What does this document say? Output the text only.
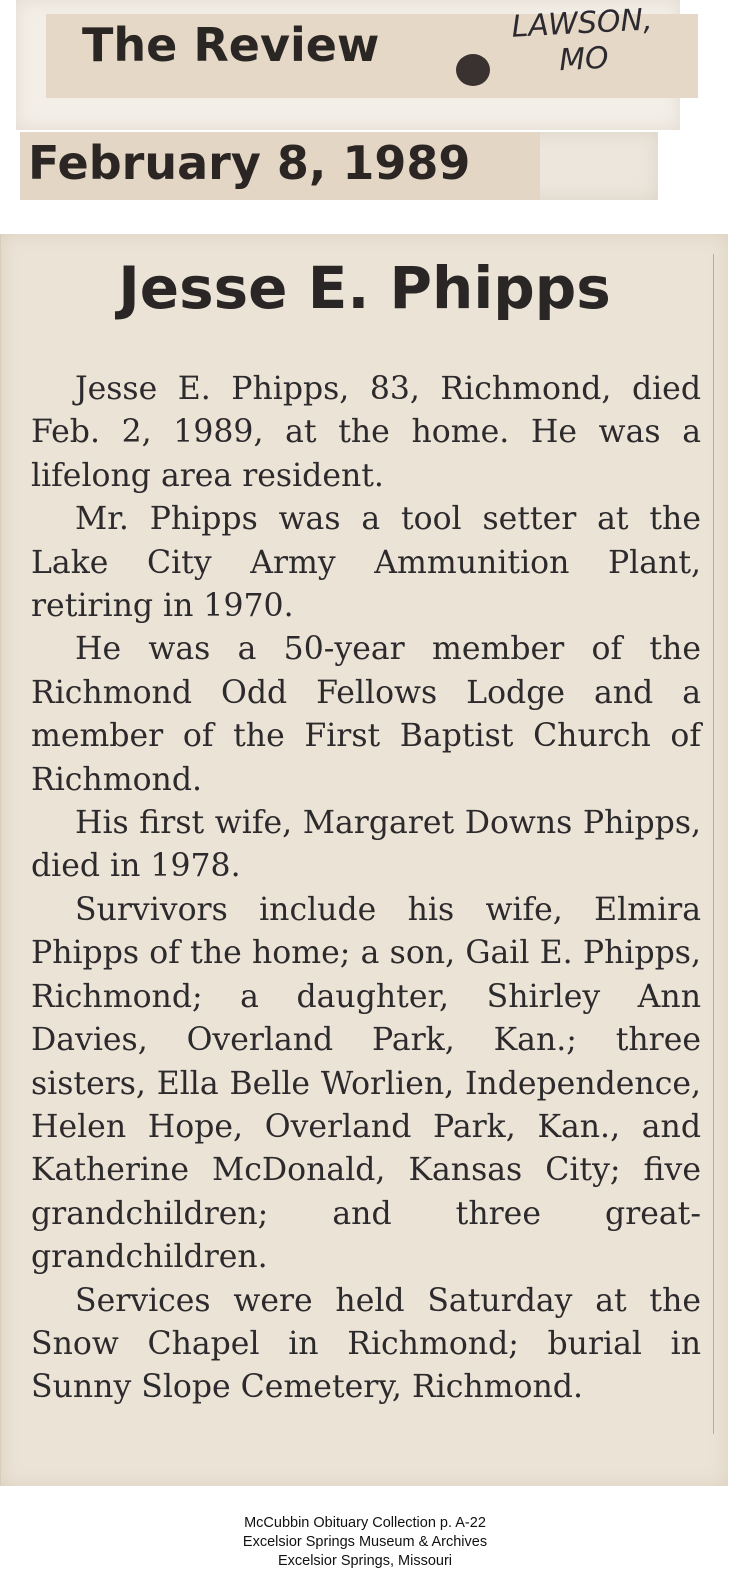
The Review	LAWSON,
MO
February 8, 1989
Jesse E. Phipps

Jesse E. Phipps, 83, Richmond, died Feb. 2, 1989, at the home. He was a lifelong area resident.

Mr. Phipps was a tool setter at the Lake City Army Ammunition Plant, retiring in 1970.

He was a 50-year member of the Richmond Odd Fellows Lodge and a member of the First Baptist Church of Richmond.

His first wife, Margaret Downs Phipps, died in 1978.

Survivors include his wife, Elmira Phipps of the home; a son, Gail E. Phipps, Richmond; a daughter, Shirley Ann Davies, Overland Park, Kan.; three sisters, Ella Belle Worlien, Independence, Helen Hope, Overland Park, Kan., and Katherine McDonald, Kansas City; five grandchildren; and three great-grandchildren.

Services were held Saturday at the Snow Chapel in Richmond; burial in Sunny Slope Cemetery, Richmond.

McCubbin Obituary Collection p. A-22
Excelsior Springs Museum & Archives
Excelsior Springs, Missouri
